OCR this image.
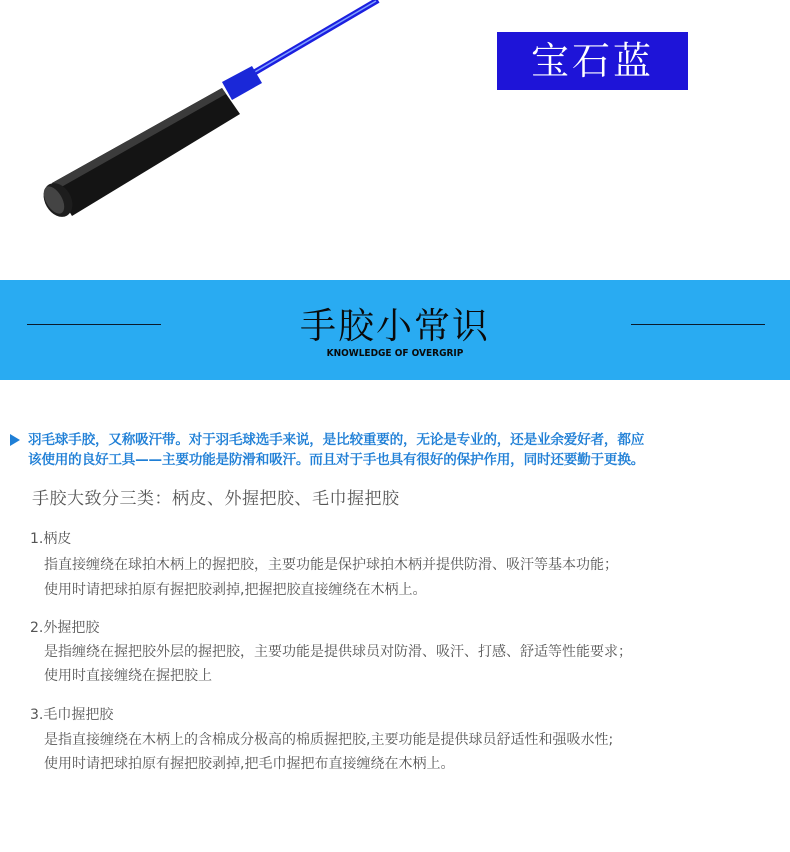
宝石蓝
手胶小常识
KNOWLEDGE OF OVERGRIP
羽毛球手胶，又称吸汗带。对于羽毛球选手来说，是比较重要的，无论是专业的，还是业余爱好者，都应
该使用的良好工具——主要功能是防滑和吸汗。而且对于手也具有很好的保护作用，同时还要勤于更换。
手胶大致分三类：柄皮、外握把胶、毛巾握把胶
1.柄皮
指直接缠绕在球拍木柄上的握把胶，主要功能是保护球拍木柄并提供防滑、吸汗等基本功能；
使用时请把球拍原有握把胶剥掉,把握把胶直接缠绕在木柄上。
2.外握把胶
是指缠绕在握把胶外层的握把胶，主要功能是提供球员对防滑、吸汗、打感、舒适等性能要求；
使用时直接缠绕在握把胶上
3.毛巾握把胶
是指直接缠绕在木柄上的含棉成分极高的棉质握把胶,主要功能是提供球员舒适性和强吸水性;
使用时请把球拍原有握把胶剥掉,把毛巾握把布直接缠绕在木柄上。
